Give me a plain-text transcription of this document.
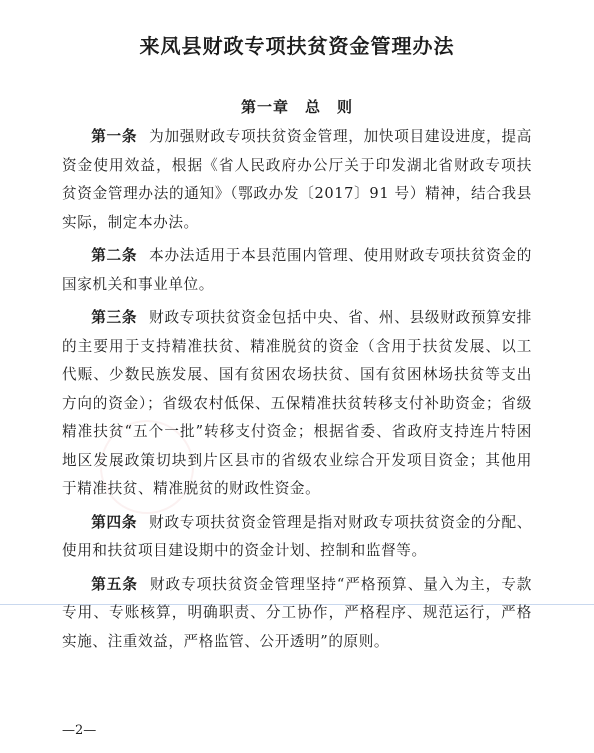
来凤县财政专项扶贫资金管理办法
第一章　总　则

第一条 为加强财政专项扶贫资金管理，加快项目建设进度，提高资金使用效益，根据《省人民政府办公厅关于印发湖北省财政专项扶贫资金管理办法的通知》（鄂政办发〔2017〕91 号）精神，结合我县实际，制定本办法。

第二条 本办法适用于本县范围内管理、使用财政专项扶贫资金的国家机关和事业单位。

第三条 财政专项扶贫资金包括中央、省、州、县级财政预算安排的主要用于支持精准扶贫、精准脱贫的资金（含用于扶贫发展、以工代赈、少数民族发展、国有贫困农场扶贫、国有贫困林场扶贫等支出方向的资金）；省级农村低保、五保精准扶贫转移支付补助资金；省级精准扶贫“五个一批”转移支付资金；根据省委、省政府支持连片特困地区发展政策切块到片区县市的省级农业综合开发项目资金；其他用于精准扶贫、精准脱贫的财政性资金。

第四条 财政专项扶贫资金管理是指对财政专项扶贫资金的分配、使用和扶贫项目建设期中的资金计划、控制和监督等。

第五条 财政专项扶贫资金管理坚持“严格预算、量入为主，专款专用、专账核算，明确职责、分工协作，严格程序、规范运行，严格实施、注重效益，严格监管、公开透明”的原则。

—2—
